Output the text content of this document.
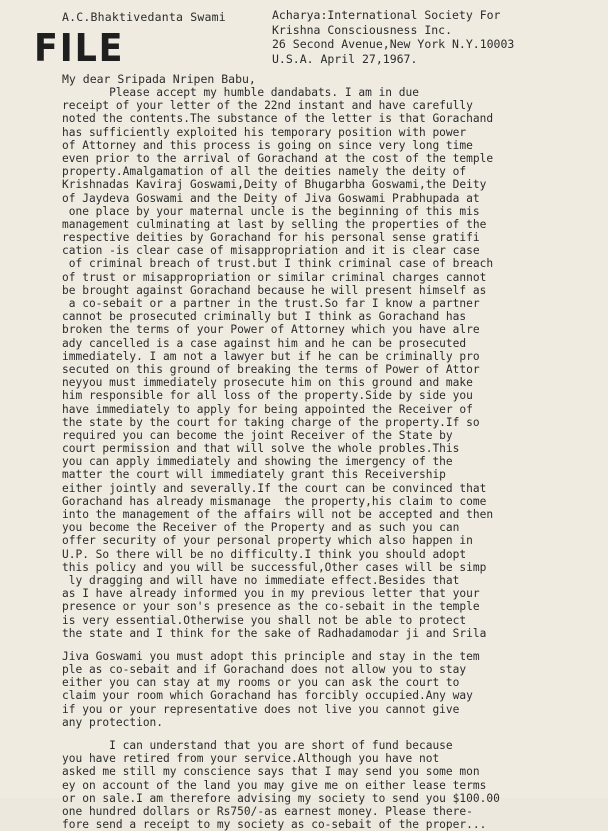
A.C.Bhaktivedanta Swami
FILE
Acharya:International Society For
Krishna Consciousness Inc.
26 Second Avenue,New York N.Y.10003
U.S.A. April 27,1967.
My dear Sripada Nripen Babu,
Please accept my humble dandabats. I am in due
receipt of your letter of the 22nd instant and have carefully
noted the contents.The substance of the letter is that Gorachand
has sufficiently exploited his temporary position with power
of Attorney and this process is going on since very long time
even prior to the arrival of Gorachand at the cost of the temple
property.Amalgamation of all the deities namely the deity of
Krishnadas Kaviraj Goswami,Deity of Bhugarbha Goswami,the Deity
of Jaydeva Goswami and the Deity of Jiva Goswami Prabhupada at
one place by your maternal uncle is the beginning of this mis
management culminating at last by selling the properties of the
respective deities by Gorachand for his personal sense gratifi
cation -is clear case of misappropriation and it is clear case
of criminal breach of trust.but I think criminal case of breach
of trust or misappropriation or similar criminal charges cannot
be brought against Gorachand because he will present himself as
a co-sebait or a partner in the trust.So far I know a partner
cannot be prosecuted criminally but I think as Gorachand has
broken the terms of your Power of Attorney which you have alre
ady cancelled is a case against him and he can be prosecuted
immediately. I am not a lawyer but if he can be criminally pro
secuted on this ground of breaking the terms of Power of Attor
neyyou must immediately prosecute him on this ground and make
him responsible for all loss of the property.Side by side you
have immediately to apply for being appointed the Receiver of
the state by the court for taking charge of the property.If so
required you can become the joint Receiver of the State by
court permission and that will solve the whole probles.This
you can apply immediately and showing the imergency of the
matter the court will immediately grant this Receivership
either jointly and severally.If the court can be convinced that
Gorachand has already mismanage  the property,his claim to come
into the management of the affairs will not be accepted and then
you become the Receiver of the Property and as such you can
offer security of your personal property which also happen in
U.P. So there will be no difficulty.I think you should adopt
this policy and you will be successful,Other cases will be simp
ly dragging and will have no immediate effect.Besides that
as I have already informed you in my previous letter that your
presence or your son's presence as the co-sebait in the temple
is very essential.Otherwise you shall not be able to protect
the state and I think for the sake of Radhadamodar ji and Srila
Jiva Goswami you must adopt this principle and stay in the tem
ple as co-sebait and if Gorachand does not allow you to stay
either you can stay at my rooms or you can ask the court to
claim your room which Gorachand has forcibly occupied.Any way
if you or your representative does not live you cannot give
any protection.
I can understand that you are short of fund because
you have retired from your service.Although you have not
asked me still my conscience says that I may send you some mon
ey on account of the land you may give me on either lease terms
or on sale.I am therefore advising my society to send you $100.00
one hundred dollars or Rs750/-as earnest money. Please there-
fore send a receipt to my society as co-sebait of the proper...
